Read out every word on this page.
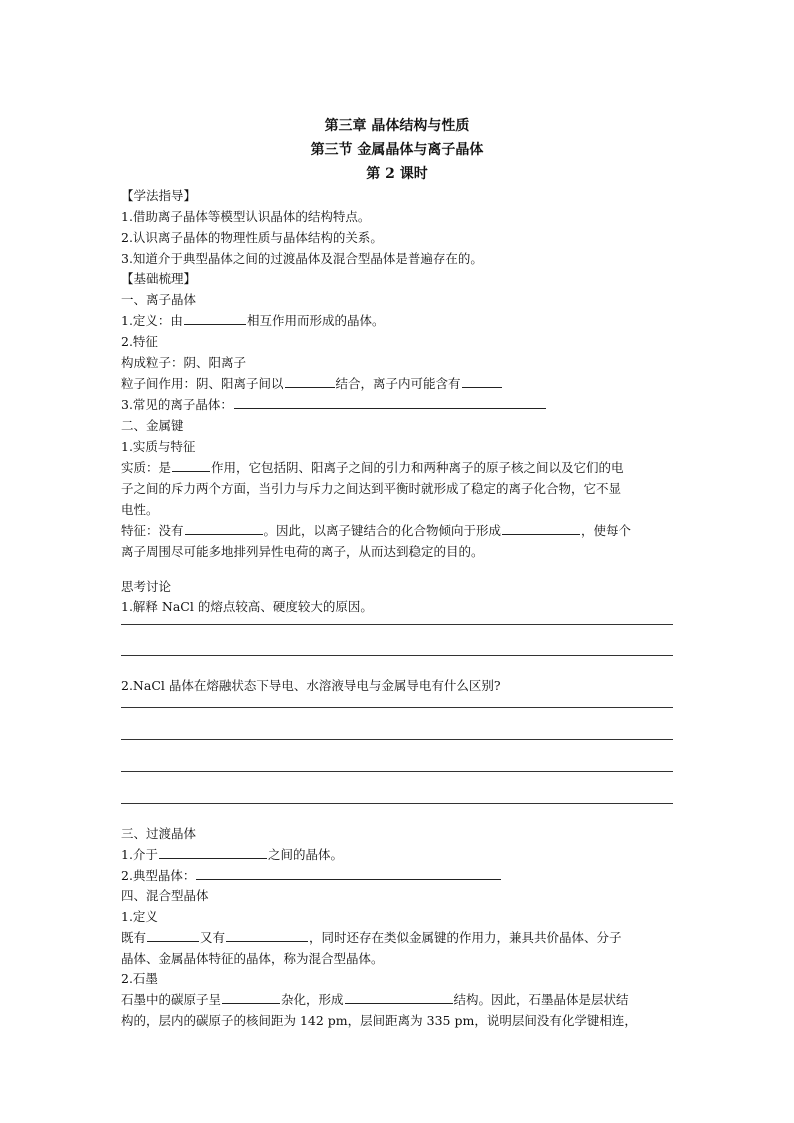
第三章 晶体结构与性质
第三节 金属晶体与离子晶体
第 2 课时
【学法指导】
1.借助离子晶体等模型认识晶体的结构特点。
2.认识离子晶体的物理性质与晶体结构的关系。
3.知道介于典型晶体之间的过渡晶体及混合型晶体是普遍存在的。
【基础梳理】
一、离子晶体
1.定义：由	相互作用而形成的晶体。
2.特征
构成粒子：阴、阳离子
粒子间作用：阴、阳离子间以	结合，离子内可能含有
3.常见的离子晶体：
二、金属键
1.实质与特征
实质：是	作用，它包括阴、阳离子之间的引力和两种离子的原子核之间以及它们的电
子之间的斥力两个方面，当引力与斥力之间达到平衡时就形成了稳定的离子化合物，它不显
电性。
特征：没有	。因此，以离子键结合的化合物倾向于形成	，使每个
离子周围尽可能多地排列异性电荷的离子，从而达到稳定的目的。
思考讨论
1.解释 NaCl 的熔点较高、硬度较大的原因。
2.NaCl 晶体在熔融状态下导电、水溶液导电与金属导电有什么区别?
三、过渡晶体
1.介于	之间的晶体。
2.典型晶体：
四、混合型晶体
1.定义
既有	又有	，同时还存在类似金属键的作用力，兼具共价晶体、分子
晶体、金属晶体特征的晶体，称为混合型晶体。
2.石墨
石墨中的碳原子呈	杂化，形成	结构。因此，石墨晶体是层状结
构的，层内的碳原子的核间距为 142 pm，层间距离为 335 pm，说明层间没有化学键相连，
